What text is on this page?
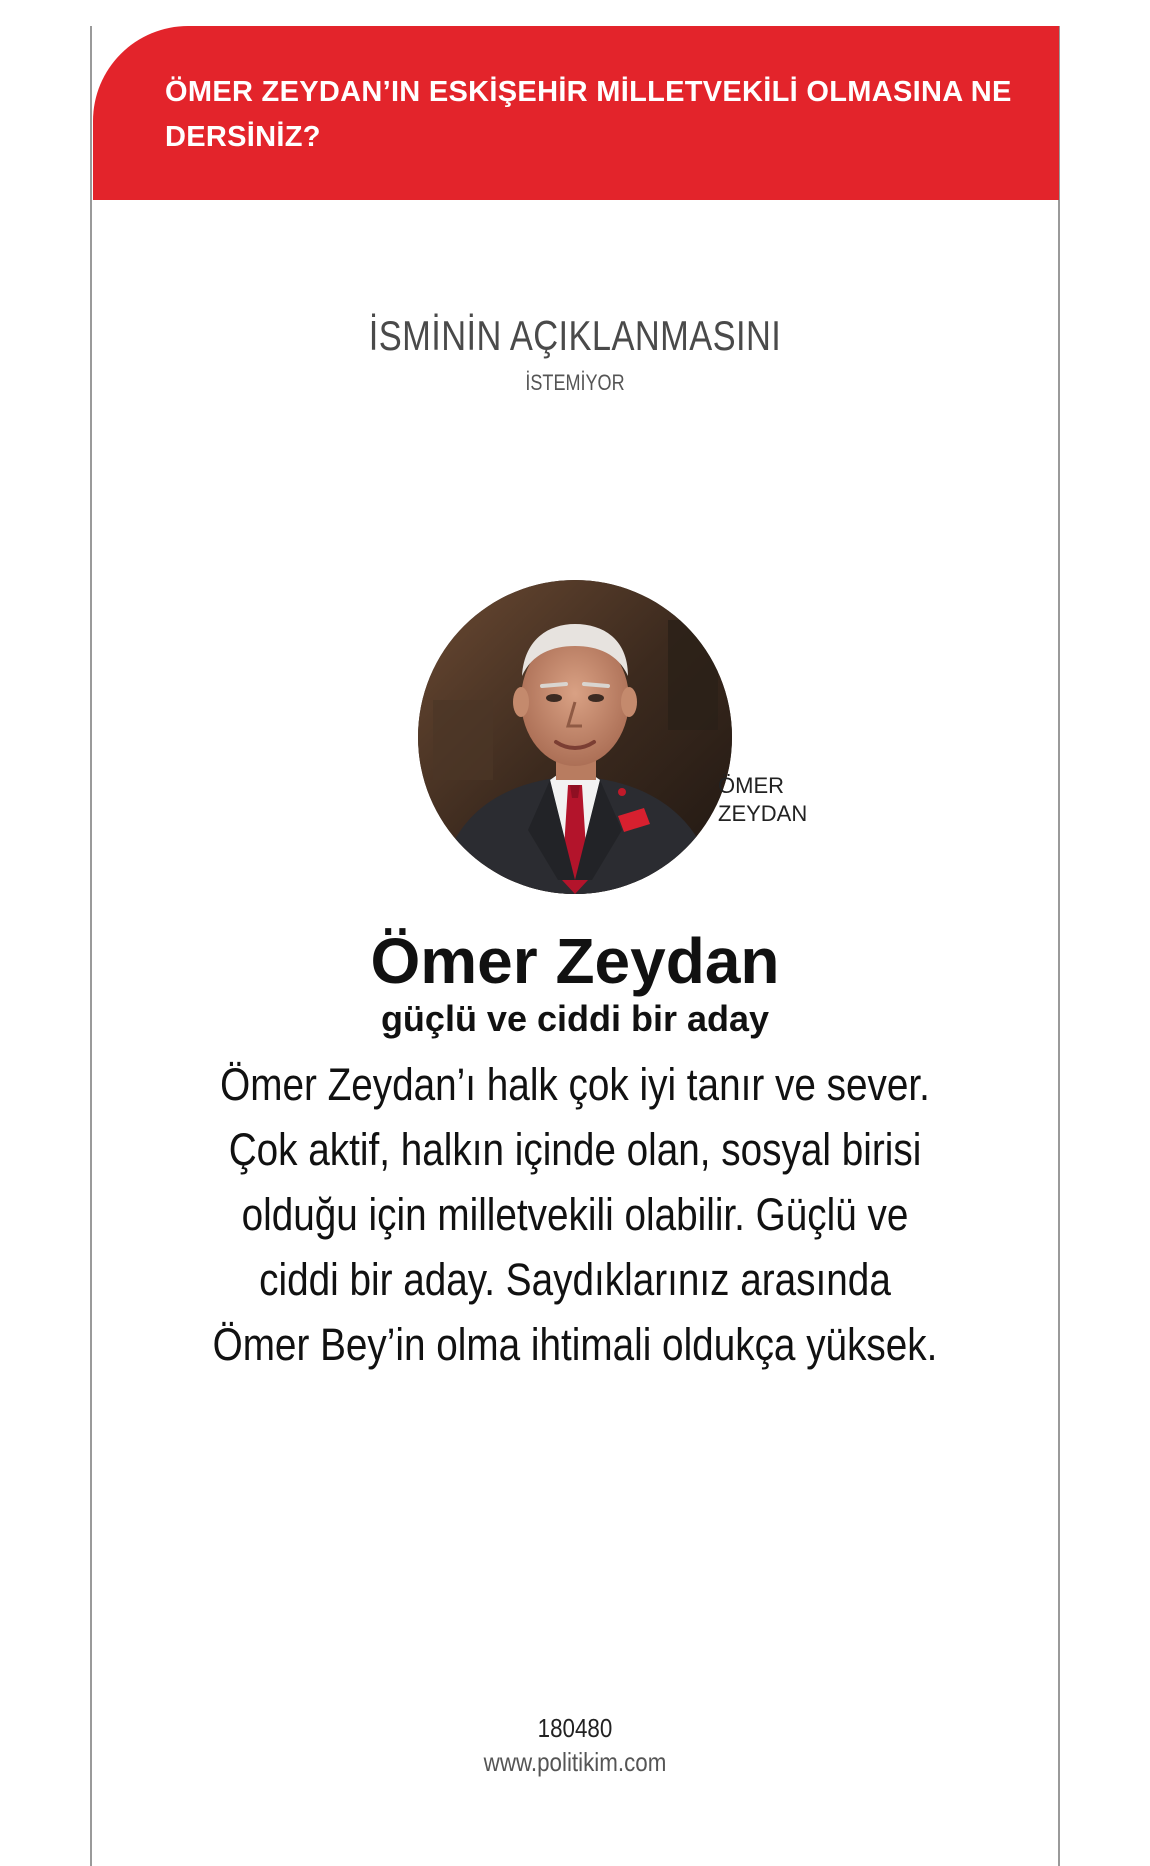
ÖMER ZEYDAN’IN ESKİŞEHİR MİLLETVEKİLİ OLMASINA NE DERSİNİZ?
İSMİNİN AÇIKLANMASINI
İSTEMİYOR
ÖMER
ZEYDAN
Ömer Zeydan
güçlü ve ciddi bir aday
Ömer Zeydan’ı halk çok iyi tanır ve sever. Çok aktif, halkın içinde olan, sosyal birisi olduğu için milletvekili olabilir. Güçlü ve ciddi bir aday. Saydıklarınız arasında Ömer Bey’in olma ihtimali oldukça yüksek.
180480
www.politikim.com
